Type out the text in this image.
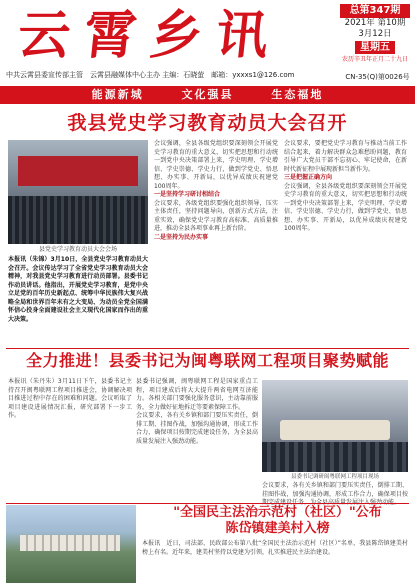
云霄乡讯	总第347期
2021年 第10期
3月12日
星期五
农历辛丑年正月二十九日
中共云霄县委宣传部主管　云霄县融媒体中心主办 主编：石晓萤　邮箱：yxxxs1@126.com	CN-35(Q)第0026号
能源新城	文化强县	生态福地
我县党史学习教育动员大会召开
县党史学习教育动员大会会场
本报讯（朱锦）3月10日，全县党史学习教育动员大会召开。会议传达学习了全省党史学习教育动员大会精神，对我县党史学习教育进行动员部署。县委书记作动员讲话。他指出，开展党史学习教育，是党中央立足党的百年历史新起点、统筹中华民族伟大复兴战略全局和世界百年未有之大变局、为动员全党全国满怀信心投身全面建设社会主义现代化国家而作出的重大决策。
会议强调，全县各级党组织要深刻领会开展党史学习教育的重大意义，切实把思想和行动统一到党中央决策部署上来，学史明理、学史增信、学史崇德、学史力行，做到学党史、悟思想、办实事、开新局，以优异成绩庆祝建党100周年。
一是坚持学习研讨相结合
会议要求，各级党组织要强化组织领导，压实主体责任，坚持问题导向，创新方式方法，注重实效，确保党史学习教育高标准、高质量推进，推动全县各项事业再上新台阶。
二是坚持为民办实事
会议要求，要把党史学习教育与推动当前工作结合起来，着力解决群众急难愁盼问题，教育引导广大党员干部不忘初心、牢记使命，在新时代新征程中展现新担当新作为。
三是把握正确方向
会议强调，全县各级党组织要深刻领会开展党史学习教育的重大意义，切实把思想和行动统一到党中央决策部署上来，学史明理、学史增信、学史崇德、学史力行，做到学党史、悟思想、办实事、开新局，以优异成绩庆祝建党100周年。
全力推进！县委书记为闽粤联网工程项目聚势赋能
本报讯（朱丹朱）3月11日下午，县委书记主持召开闽粤联网工程项目推进会，协调解决项目推进过程中存在的困难和问题。会议听取了项目建设进展情况汇报，研究部署下一步工作。
县委书记强调，闽粤联网工程是国家重点工程，项目建成后将大大提升两省电网互济能力。各相关部门要强化服务意识，主动靠前服务，全力做好征地拆迁等要素保障工作。
会议要求，各有关乡镇和部门要压实责任，倒排工期、挂图作战，加强沟通协调，形成工作合力，确保项目按期完成建设任务，为全县高质量发展注入强劲动能。
县委书记调研闽粤联网工程项目现场
会议要求，各有关乡镇和部门要压实责任，倒排工期、挂图作战，加强沟通协调，形成工作合力，确保项目按
"全国民主法治示范村（社区）"公布
陈岱镇建美村入榜
本报讯　近日，司法部、民政部公布第八批“全国民主法治示范村（社区）”名单，我县陈岱镇建美村榜上有名。近年来，建美村坚持以党建为引领，扎实推进民主法治建设。
